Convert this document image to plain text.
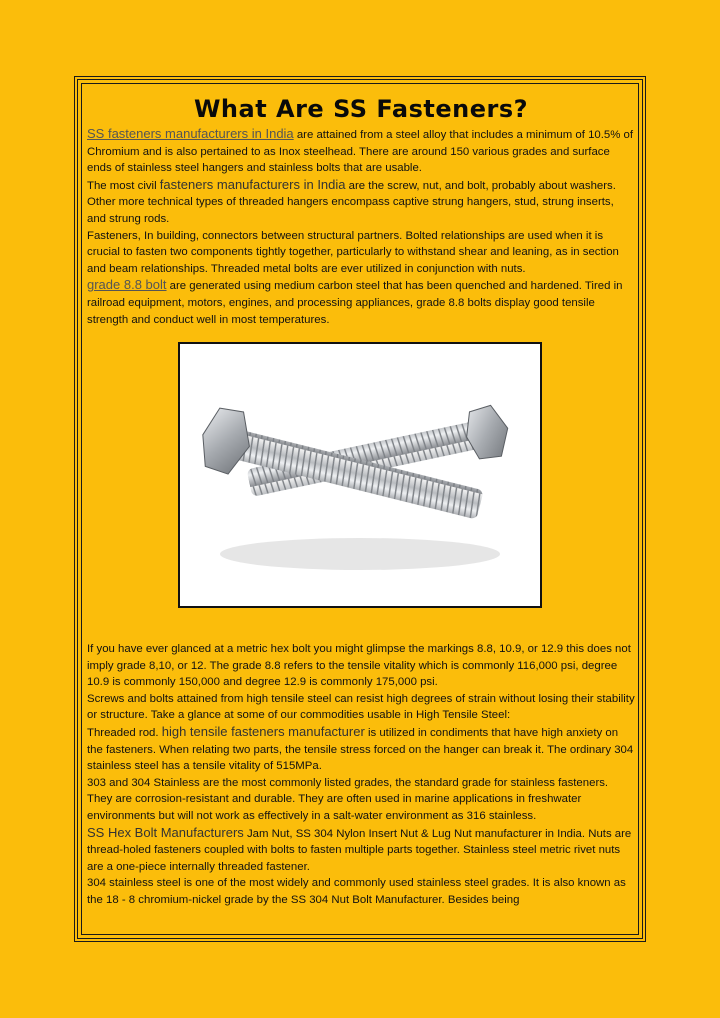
What Are SS Fasteners?

SS fasteners manufacturers in India are attained from a steel alloy that includes a minimum of 10.5% of Chromium and is also pertained to as Inox steelhead. There are around 150 various grades and surface ends of stainless steel hangers and stainless bolts that are usable.

The most civil fasteners manufacturers in India are the screw, nut, and bolt, probably about washers. Other more technical types of threaded hangers encompass captive strung hangers, stud, strung inserts, and strung rods.

Fasteners, In building, connectors between structural partners. Bolted relationships are used when it is crucial to fasten two components tightly together, particularly to withstand shear and leaning, as in section and beam relationships. Threaded metal bolts are ever utilized in conjunction with nuts.

grade 8.8 bolt are generated using medium carbon steel that has been quenched and hardened. Tired in railroad equipment, motors, engines, and processing appliances, grade 8.8 bolts display good tensile strength and conduct well in most temperatures.

If you have ever glanced at a metric hex bolt you might glimpse the markings 8.8, 10.9, or 12.9 this does not imply grade 8,10, or 12. The grade 8.8 refers to the tensile vitality which is commonly 116,000 psi, degree 10.9 is commonly 150,000 and degree 12.9 is commonly 175,000 psi.

Screws and bolts attained from high tensile steel can resist high degrees of strain without losing their stability or structure. Take a glance at some of our commodities usable in High Tensile Steel:

Threaded rod. high tensile fasteners manufacturer is utilized in condiments that have high anxiety on the fasteners. When relating two parts, the tensile stress forced on the hanger can break it. The ordinary 304 stainless steel has a tensile vitality of 515MPa.

303 and 304 Stainless are the most commonly listed grades, the standard grade for stainless fasteners. They are corrosion-resistant and durable. They are often used in marine applications in freshwater environments but will not work as effectively in a salt-water environment as 316 stainless.

SS Hex Bolt Manufacturers Jam Nut, SS 304 Nylon Insert Nut & Lug Nut manufacturer in India. Nuts are thread-holed fasteners coupled with bolts to fasten multiple parts together. Stainless steel metric rivet nuts are a one-piece internally threaded fastener.

304 stainless steel is one of the most widely and commonly used stainless steel grades. It is also known as the 18 - 8 chromium-nickel grade by the SS 304 Nut Bolt Manufacturer. Besides being
